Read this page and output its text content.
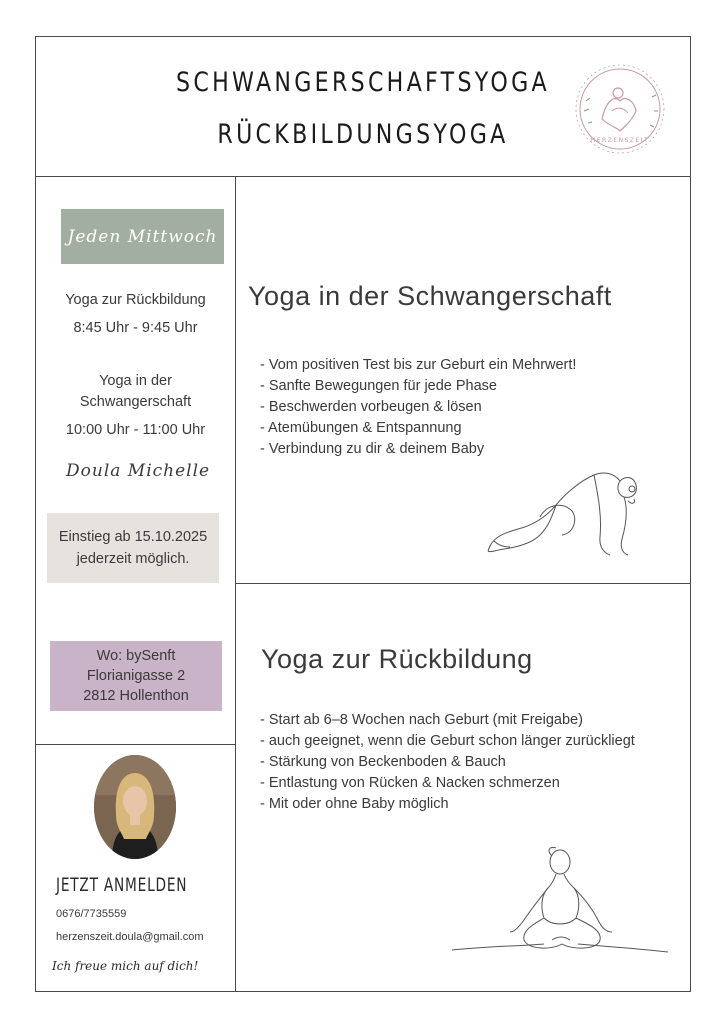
SCHWANGERSCHAFTSYOGA
RÜCKBILDUNGSYOGA	HERZENSZEIT
Jeden Mittwoch
Yoga zur Rückbildung
8:45 Uhr - 9:45 Uhr
Yoga in der
Schwangerschaft
10:00 Uhr - 11:00 Uhr
Doula Michelle
Einstieg ab 15.10.2025
jederzeit möglich.
Wo: bySenft
Florianigasse 2
2812 Hollenthon
JETZT ANMELDEN
0676/7735559
herzenszeit.doula@gmail.com
Ich freue mich auf dich!
Yoga in der Schwangerschaft
- Vom positiven Test bis zur Geburt ein Mehrwert!
- Sanfte Bewegungen für jede Phase
- Beschwerden vorbeugen & lösen
- Atemübungen & Entspannung
- Verbindung zu dir & deinem Baby
Yoga zur Rückbildung
- Start ab 6–8 Wochen nach Geburt (mit Freigabe)
- auch geeignet, wenn die Geburt schon länger zurückliegt
- Stärkung von Beckenboden & Bauch
- Entlastung von Rücken & Nacken schmerzen
- Mit oder ohne Baby möglich
